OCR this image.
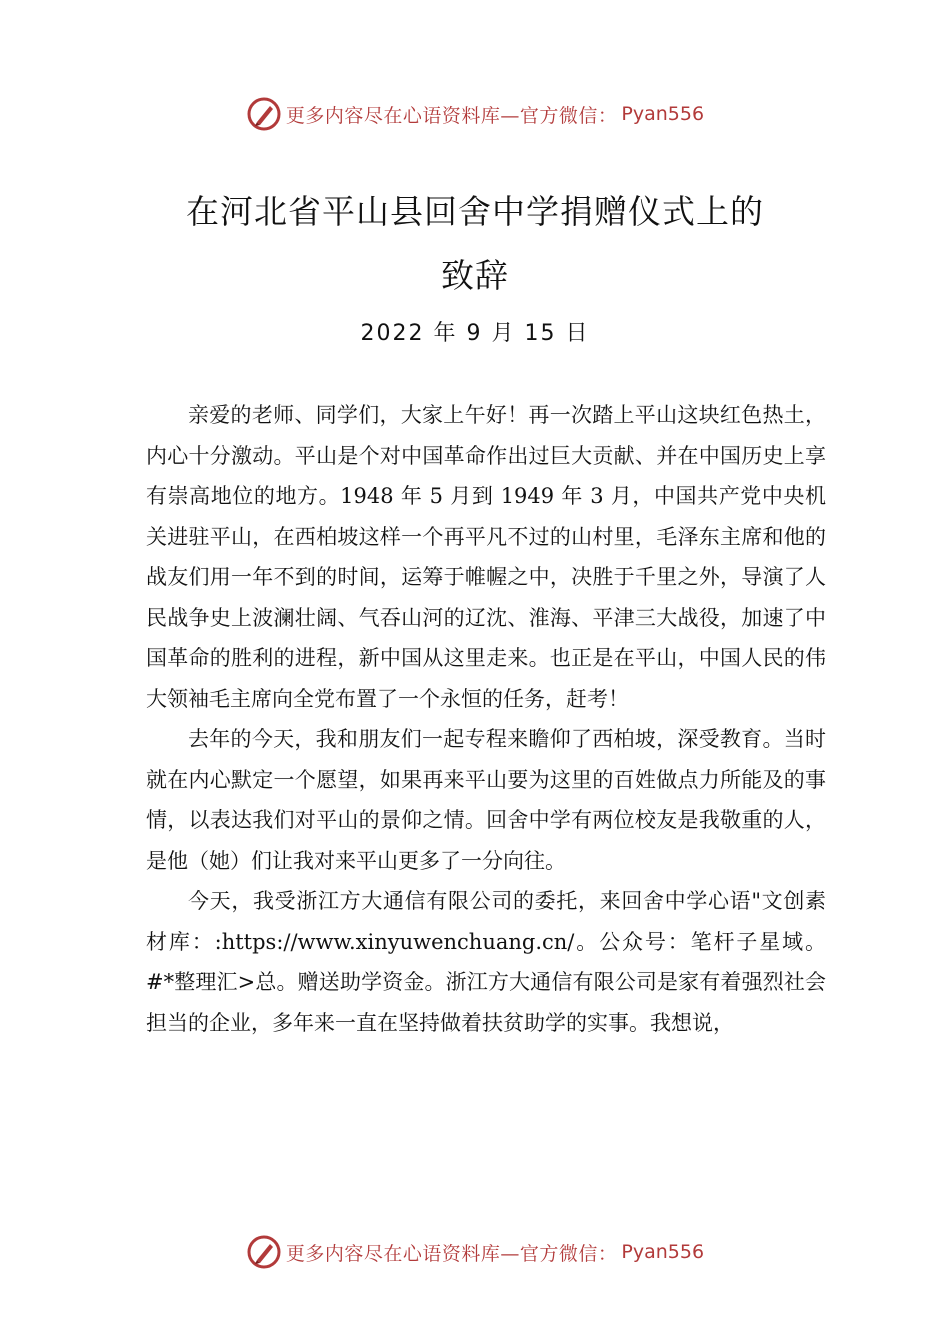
更多内容尽在心语资料库—官方微信： Pyan556
在河北省平山县回舍中学捐赠仪式上的
致辞
2022 年 9 月 15 日

亲爱的老师、同学们，大家上午好！再一次踏上平山这块红色热土，内心十分激动。平山是个对中国革命作出过巨大贡献、并在中国历史上享有崇高地位的地方。1948 年 5 月到 1949 年 3 月，中国共产党中央机关进驻平山，在西柏坡这样一个再平凡不过的山村里，毛泽东主席和他的战友们用一年不到的时间，运筹于帷幄之中，决胜于千里之外，导演了人民战争史上波澜壮阔、气吞山河的辽沈、淮海、平津三大战役，加速了中国革命的胜利的进程，新中国从这里走来。也正是在平山，中国人民的伟大领袖毛主席向全党布置了一个永恒的任务，赶考！

去年的今天，我和朋友们一起专程来瞻仰了西柏坡，深受教育。当时就在内心默定一个愿望，如果再来平山要为这里的百姓做点力所能及的事情，以表达我们对平山的景仰之情。回舍中学有两位校友是我敬重的人，是他（她）们让我对来平山更多了一分向往。

今天，我受浙江方大通信有限公司的委托，来回舍中学心语"文创素材库：:https://www.xinyuwenchuang.cn/。公众号：笔杆子星域。#*整理汇>总。赠送助学资金。浙江方大通信有限公司是家有着强烈社会担当的企业，多年来一直在坚持做着扶贫助学的实事。我想说，

更多内容尽在心语资料库—官方微信： Pyan556
